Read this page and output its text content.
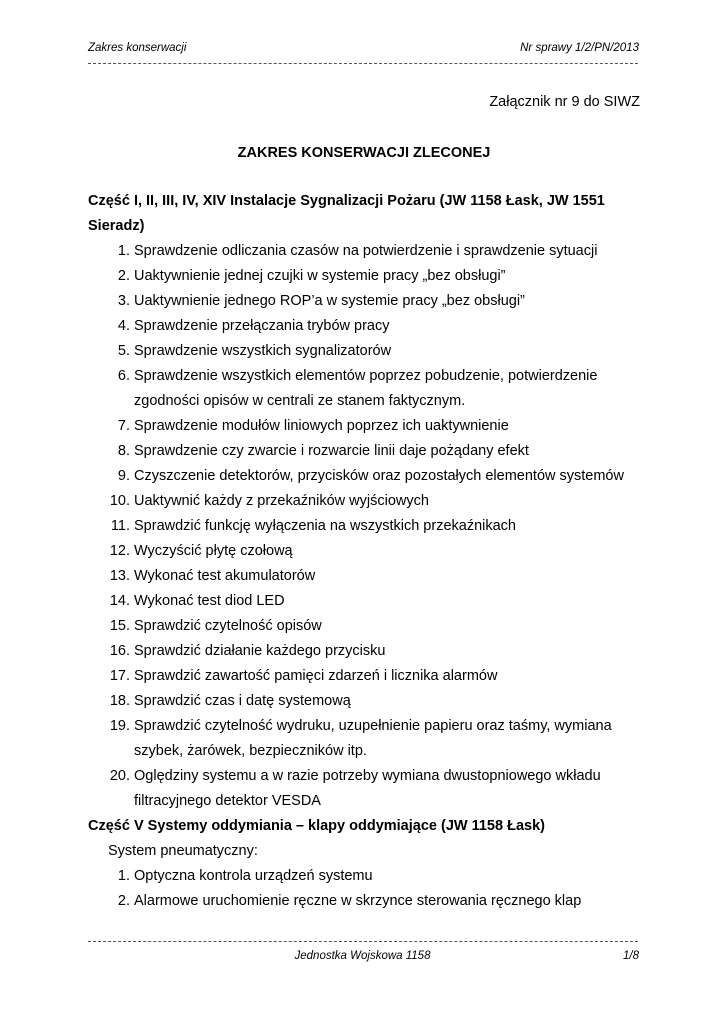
Zakres konserwacji	Nr sprawy 1/2/PN/2013
Załącznik nr 9 do SIWZ
ZAKRES KONSERWACJI ZLECONEJ
Część I, II, III, IV, XIV Instalacje Sygnalizacji Pożaru (JW 1158 Łask, JW 1551 Sieradz)
1. Sprawdzenie odliczania czasów na potwierdzenie i sprawdzenie sytuacji
2. Uaktywnienie jednej czujki w systemie pracy „bez obsługi”
3. Uaktywnienie jednego ROP’a w systemie pracy „bez obsługi”
4. Sprawdzenie przełączania trybów pracy
5. Sprawdzenie wszystkich sygnalizatorów
6. Sprawdzenie wszystkich elementów poprzez pobudzenie, potwierdzenie zgodności opisów w centrali ze stanem faktycznym.
7. Sprawdzenie modułów liniowych poprzez ich uaktywnienie
8. Sprawdzenie czy zwarcie i rozwarcie linii daje pożądany efekt
9. Czyszczenie detektorów, przycisków oraz pozostałych elementów systemów
10. Uaktywnić każdy z przekaźników wyjściowych
11. Sprawdzić funkcję wyłączenia na wszystkich przekaźnikach
12. Wyczyścić płytę czołową
13. Wykonać test akumulatorów
14. Wykonać test diod LED
15. Sprawdzić czytelność opisów
16. Sprawdzić działanie każdego przycisku
17. Sprawdzić zawartość pamięci zdarzeń i licznika alarmów
18. Sprawdzić czas i datę systemową
19. Sprawdzić czytelność wydruku, uzupełnienie papieru oraz taśmy, wymiana szybek, żarówek, bezpieczników itp.
20. Oględziny systemu a w razie potrzeby wymiana dwustopniowego wkładu filtracyjnego detektor VESDA
Część V Systemy oddymiania – klapy oddymiające (JW 1158 Łask)
System pneumatyczny:
1. Optyczna kontrola urządzeń systemu
2. Alarmowe uruchomienie ręczne w skrzynce sterowania ręcznego klap
Jednostka Wojskowa 1158	1/8
